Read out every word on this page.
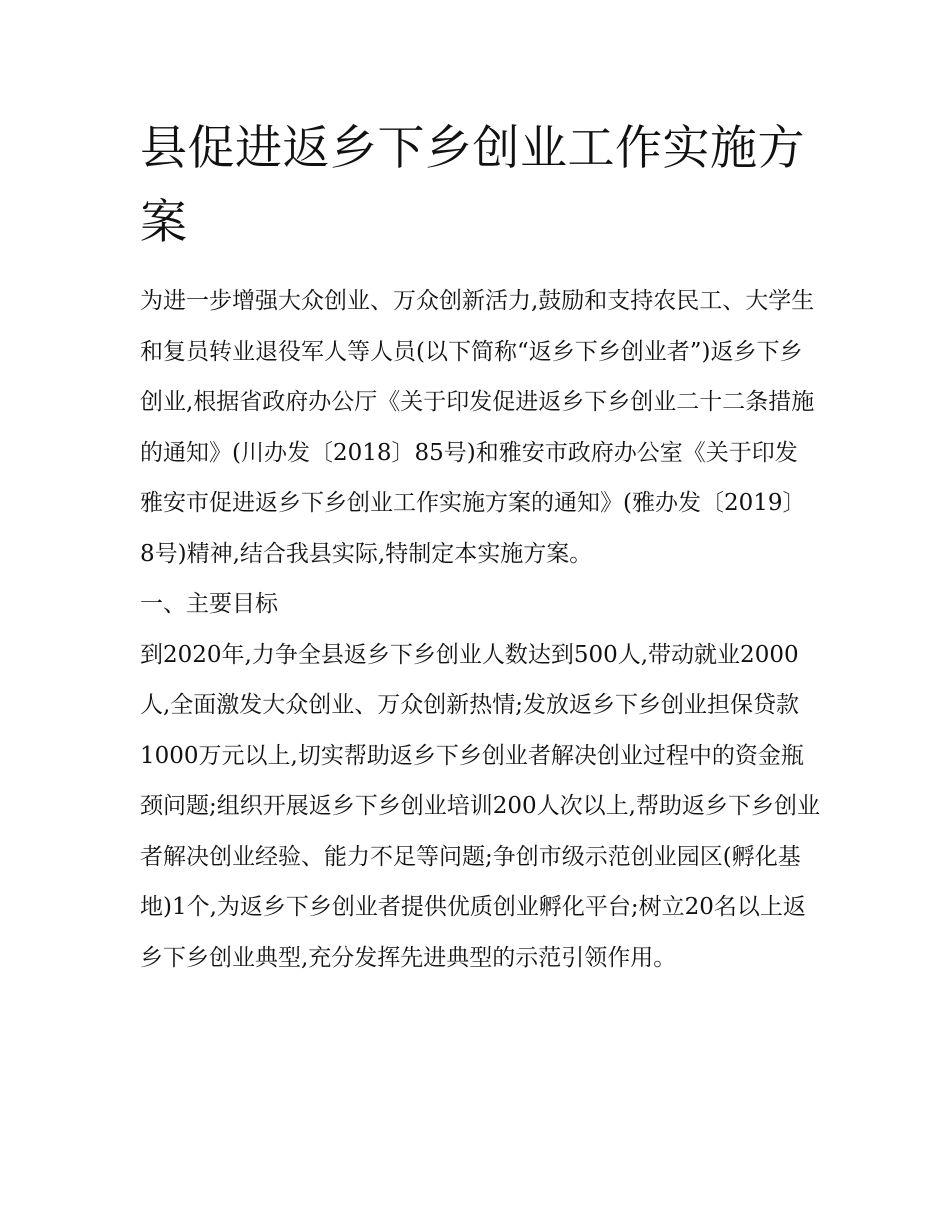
县促进返乡下乡创业工作实施方案

为进一步增强大众创业、万众创新活力,鼓励和支持农民工、大学生和复员转业退役军人等人员(以下简称“返乡下乡创业者”)返乡下乡创业,根据省政府办公厅《关于印发促进返乡下乡创业二十二条措施的通知》(川办发〔2018〕85号)和雅安市政府办公室《关于印发雅安市促进返乡下乡创业工作实施方案的通知》(雅办发〔2019〕8号)精神,结合我县实际,特制定本实施方案。

一、主要目标

到2020年,力争全县返乡下乡创业人数达到500人,带动就业2000人,全面激发大众创业、万众创新热情;发放返乡下乡创业担保贷款1000万元以上,切实帮助返乡下乡创业者解决创业过程中的资金瓶颈问题;组织开展返乡下乡创业培训200人次以上,帮助返乡下乡创业者解决创业经验、能力不足等问题;争创市级示范创业园区(孵化基地)1个,为返乡下乡创业者提供优质创业孵化平台;树立20名以上返乡下乡创业典型,充分发挥先进典型的示范引领作用。
